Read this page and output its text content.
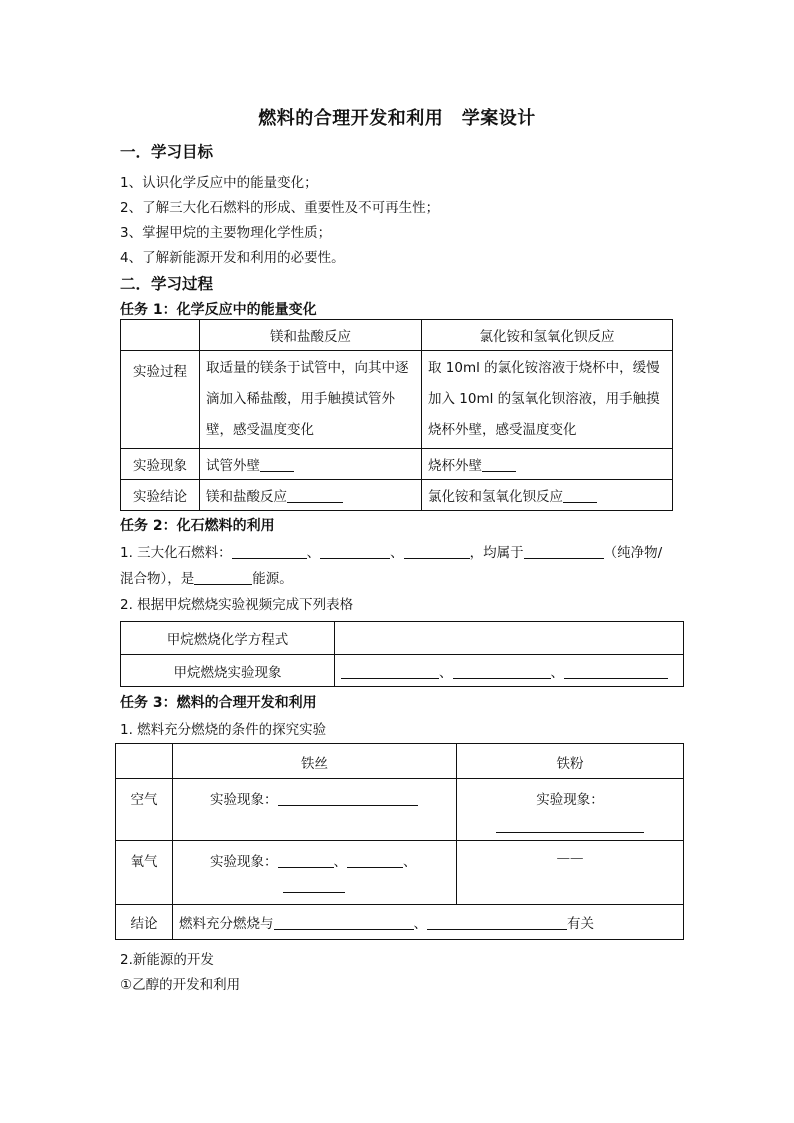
燃料的合理开发和利用　学案设计
一．学习目标
1、认识化学反应中的能量变化；
2、了解三大化石燃料的形成、重要性及不可再生性；
3、掌握甲烷的主要物理化学性质；
4、了解新能源开发和利用的必要性。
二．学习过程
任务 1：化学反应中的能量变化
	镁和盐酸反应	氯化铵和氢氧化钡反应
实验过程	取适量的镁条于试管中，向其中逐滴加入稀盐酸，用手触摸试管外壁，感受温度变化	取 10ml 的氯化铵溶液于烧杯中，缓慢加入 10ml 的氢氧化钡溶液，用手触摸烧杯外壁，感受温度变化

实验现象	试管外壁	烧杯外壁
实验结论	镁和盐酸反应	氯化铵和氢氧化钡反应
任务 2：化石燃料的利用
1. 三大化石燃料：	、	、	，均属于	（纯净物/
混合物），是	能源。
2. 根据甲烷燃烧实验视频完成下列表格
甲烷燃烧化学方程式	
甲烷燃烧实验现象	、 、
任务 3：燃料的合理开发和利用
1. 燃料充分燃烧的条件的探究实验
	铁丝	铁粉
空气	实验现象：	实验现象：

氧气	实验现象： 、 、	——
结论	燃料充分燃烧与 、 有关	
2.新能源的开发
①乙醇的开发和利用
